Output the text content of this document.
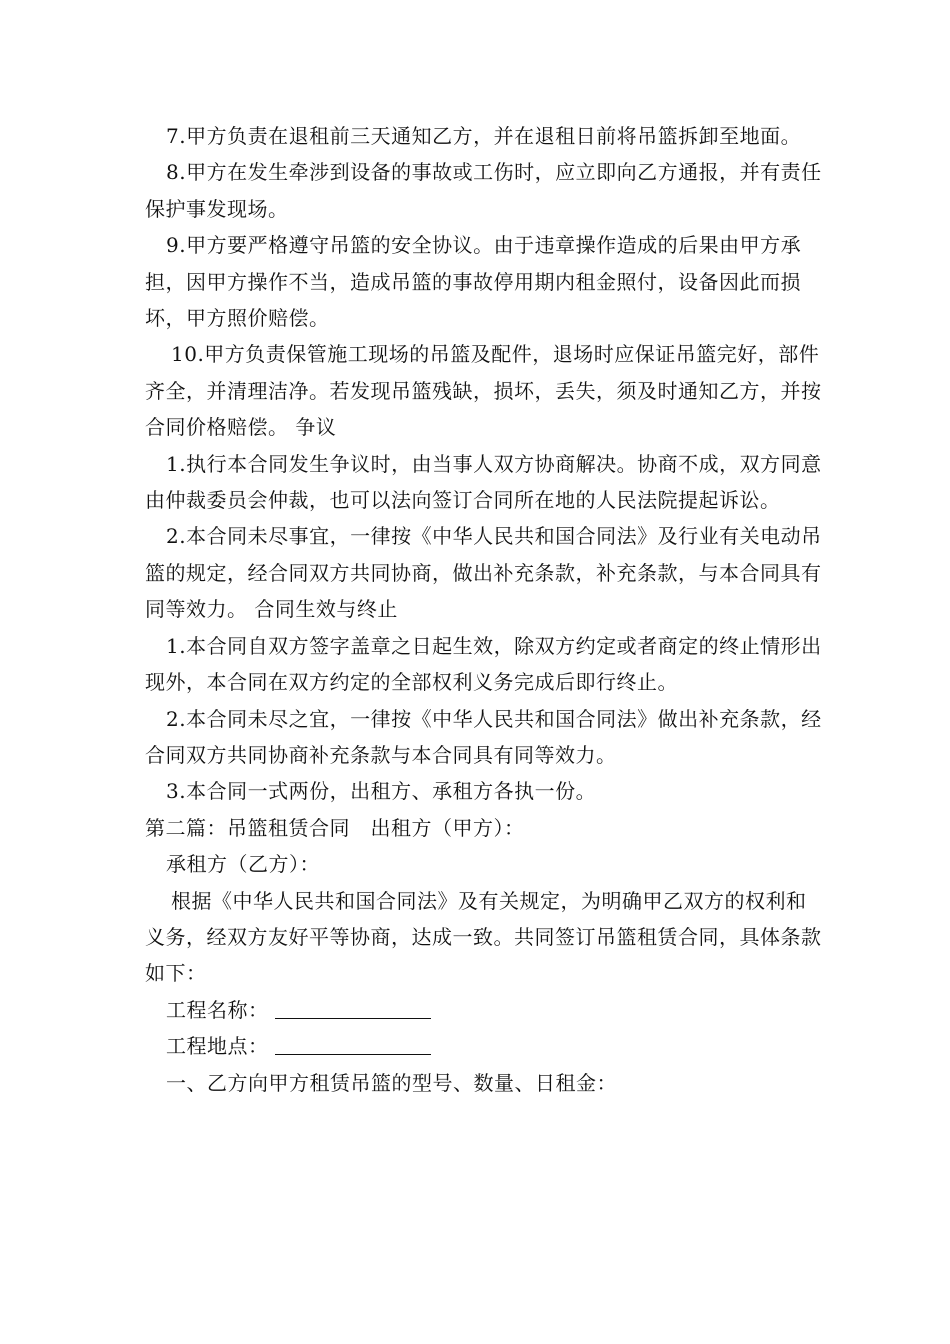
7.甲方负责在退租前三天通知乙方，并在退租日前将吊篮拆卸至地面。

8.甲方在发生牵涉到设备的事故或工伤时，应立即向乙方通报，并有责任保护事发现场。

9.甲方要严格遵守吊篮的安全协议。由于违章操作造成的后果由甲方承担，因甲方操作不当，造成吊篮的事故停用期内租金照付，设备因此而损坏，甲方照价赔偿。

10.甲方负责保管施工现场的吊篮及配件，退场时应保证吊篮完好，部件齐全，并清理洁净。若发现吊篮残缺，损坏，丢失，须及时通知乙方，并按合同价格赔偿。 争议

1.执行本合同发生争议时，由当事人双方协商解决。协商不成，双方同意由仲裁委员会仲裁，也可以法向签订合同所在地的人民法院提起诉讼。

2.本合同未尽事宜，一律按《中华人民共和国合同法》及行业有关电动吊篮的规定，经合同双方共同协商，做出补充条款，补充条款，与本合同具有同等效力。 合同生效与终止

1.本合同自双方签字盖章之日起生效，除双方约定或者商定的终止情形出现外，本合同在双方约定的全部权利义务完成后即行终止。

2.本合同未尽之宜，一律按《中华人民共和国合同法》做出补充条款，经合同双方共同协商补充条款与本合同具有同等效力。

3.本合同一式两份，出租方、承租方各执一份。

第二篇：吊篮租赁合同　出租方（甲方）：

承租方（乙方）：

根据《中华人民共和国合同法》及有关规定，为明确甲乙双方的权利和义务，经双方友好平等协商，达成一致。共同签订吊篮租赁合同，具体条款如下：

工程名称：

工程地点：

一、乙方向甲方租赁吊篮的型号、数量、日租金：
